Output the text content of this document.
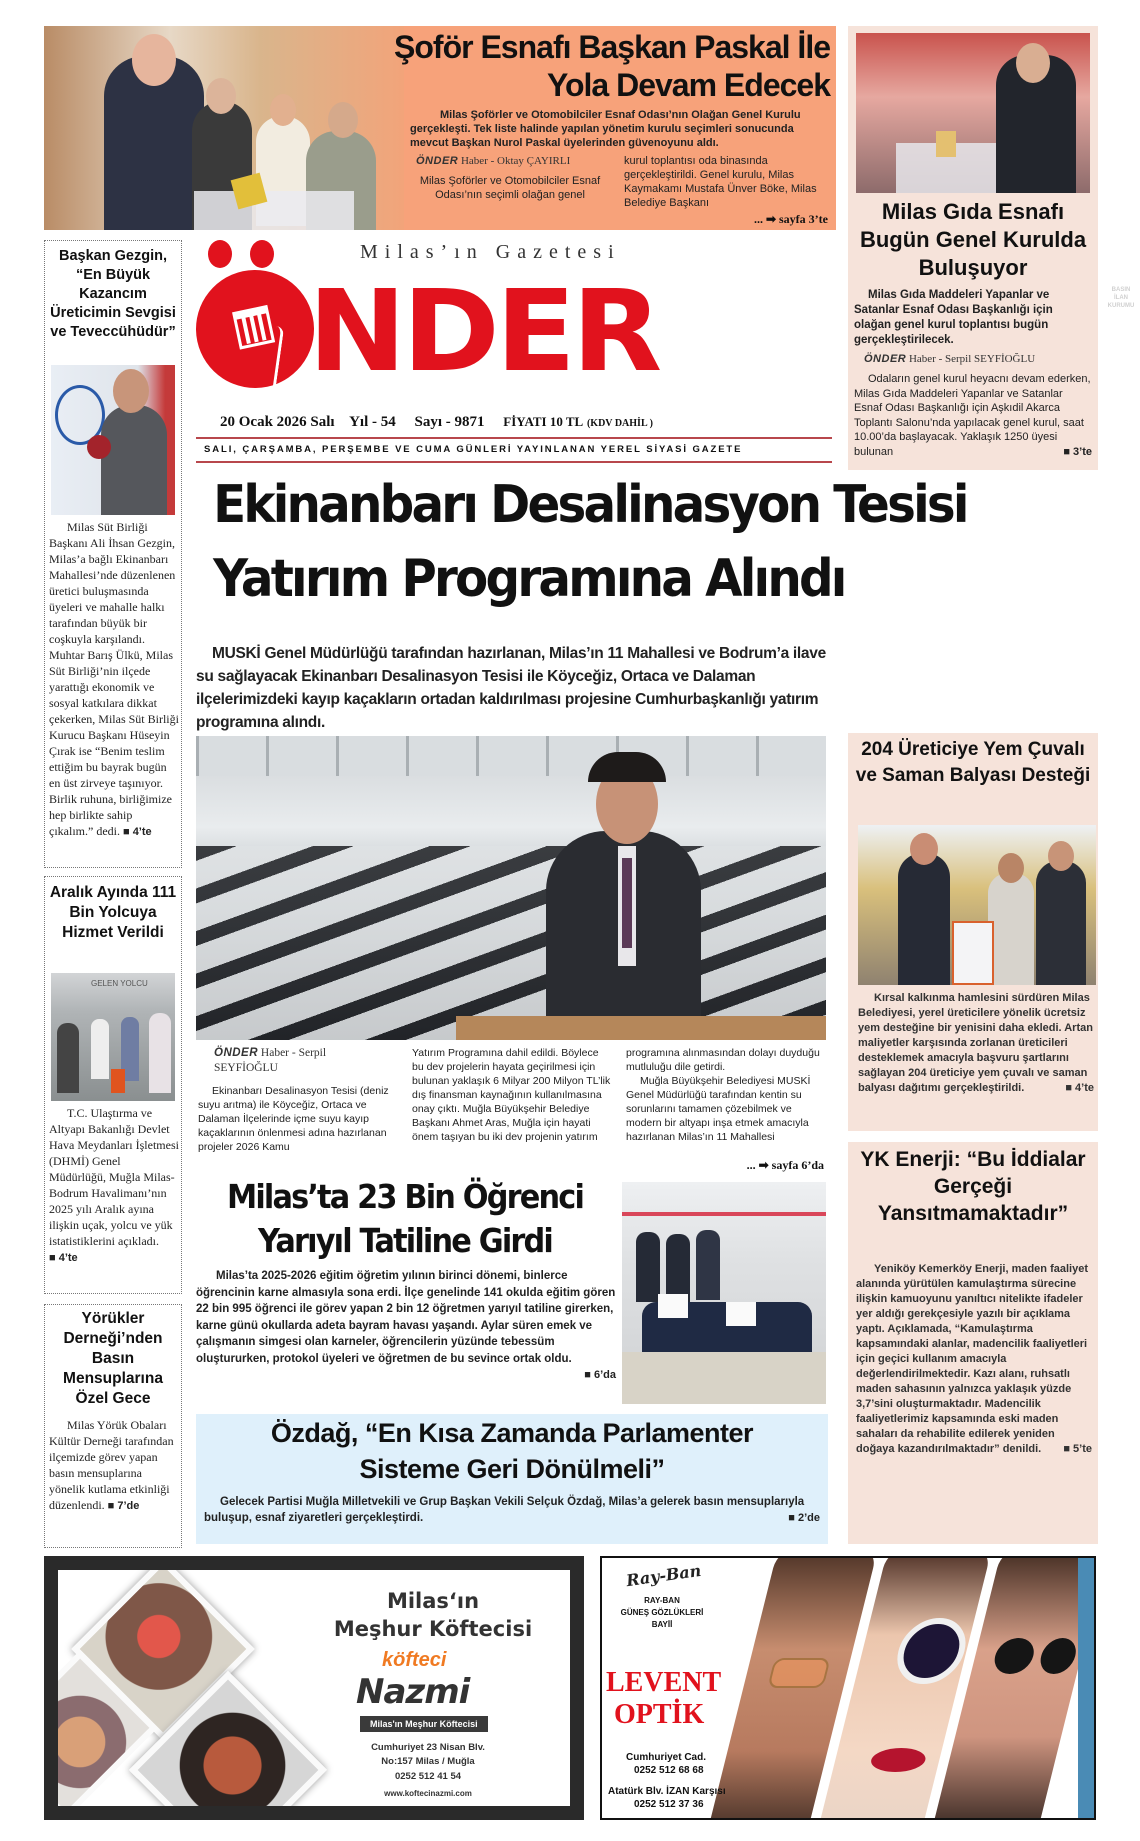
Şoför Esnafı Başkan Paskal İle
Yola Devam Edecek
Milas Şoförler ve Otomobilciler Esnaf Odası’nın Olağan Genel Kurulu gerçekleşti. Tek liste halinde yapılan yönetim kurulu seçimleri sonucunda mevcut Başkan Nurol Paskal üyelerinden güvenoyunu aldı.
ÖNDER Haber - Oktay ÇAYIRLI
Milas Şoförler ve Otomobilciler Esnaf Odası’nın seçimli olağan genel
kurul toplantısı oda binasında gerçekleştirildi. Genel kurulu, Milas Kaymakamı Mustafa Ünver Böke, Milas Belediye Başkanı
... ➡ sayfa 3’te	Milas Gıda Esnafı Bugün Genel Kurulda Buluşuyor
Milas Gıda Maddeleri Yapanlar ve Satanlar Esnaf Odası Başkanlığı için olağan genel kurul toplantısı bugün gerçekleştirilecek.
ÖNDER Haber - Serpil SEYFİOĞLU
Odaların genel kurul heyacnı devam ederken, Milas Gıda Maddeleri Yapanlar ve Satanlar Esnaf Odası Başkanlığı için Aşkıdil Akarca Toplantı Salonu’nda yapılacak genel kurul, saat 10.00’da başlayacak. Yaklaşık 1250 üyesi bulunan	■ 3’te
Milas’ın Gazetesi
NDER
20 Ocak 2026 Salı Yıl - 54 Sayı - 9871 FİYATI 10 TL (KDV DAHİL )
SALI, ÇARŞAMBA, PERŞEMBE VE CUMA GÜNLERİ YAYINLANAN YEREL SİYASİ GAZETE
Başkan Gezgin, “En Büyük Kazancım Üreticimin Sevgisi ve Teveccühüdür”
Milas Süt Birliği Başkanı Ali İhsan Gezgin, Milas’a bağlı Ekinanbarı Mahallesi’nde düzenlenen üretici buluşmasında üyeleri ve mahalle halkı tarafından büyük bir coşkuyla karşılandı. Muhtar Barış Ülkü, Milas Süt Birliği’nin ilçede yarattığı ekonomik ve sosyal katkılara dikkat çekerken, Milas Süt Birliği Kurucu Başkanı Hüseyin Çırak ise “Benim teslim ettiğim bu bayrak bugün en üst zirveye taşınıyor. Birlik ruhuna, birliğimize hep birlikte sahip çıkalım.” dedi. ■ 4’te
Aralık Ayında 111 Bin Yolcuya Hizmet Verildi
GELEN YOLCU
T.C. Ulaştırma ve Altyapı Bakanlığı Devlet Hava Meydanları İşletmesi (DHMİ) Genel Müdürlüğü, Muğla Milas-Bodrum Havalimanı’nın 2025 yılı Aralık ayına ilişkin uçak, yolcu ve yük istatistiklerini açıkladı. ■ 4’te
Yörükler Derneği’nden Basın Mensuplarına Özel Gece
Milas Yörük Obaları Kültür Derneği tarafından ilçemizde görev yapan basın mensuplarına yönelik kutlama etkinliği düzenlendi. ■ 7’de
Ekinanbarı Desalinasyon Tesisi
Yatırım Programına Alındı
MUSKİ Genel Müdürlüğü tarafından hazırlanan, Milas’ın 11 Mahallesi ve Bodrum’a ilave su sağlayacak Ekinanbarı Desalinasyon Tesisi ile Köyceğiz, Ortaca ve Dalaman ilçelerimizdeki kayıp kaçakların ortadan kaldırılması projesine Cumhurbaşkanlığı yatırım programına alındı.
ÖNDER Haber - Serpil SEYFİOĞLU
Ekinanbarı Desalinasyon Tesisi (deniz suyu arıtma) ile Köyceğiz, Ortaca ve Dalaman İlçelerinde içme suyu kayıp kaçaklarının önlenmesi adına hazırlanan projeler 2026 Kamu
Yatırım Programına dahil edildi. Böylece bu dev projelerin hayata geçirilmesi için bulunan yaklaşık 6 Milyar 200 Milyon TL’lik dış finansman kaynağının kullanılmasına onay çıktı. Muğla Büyükşehir Belediye Başkanı Ahmet Aras, Muğla için hayati önem taşıyan bu iki dev projenin yatırım
programına alınmasından dolayı duyduğu mutluluğu dile getirdi.
Muğla Büyükşehir Belediyesi MUSKİ Genel Müdürlüğü tarafından kentin su sorunlarını tamamen çözebilmek ve modern bir altyapı inşa etmek amacıyla hazırlanan Milas’ın 11 Mahallesi
... ➡ sayfa 6’da
204 Üreticiye Yem Çuvalı ve Saman Balyası Desteği
Kırsal kalkınma hamlesini sürdüren Milas Belediyesi, yerel üreticilere yönelik ücretsiz yem desteğine bir yenisini daha ekledi. Artan maliyetler karşısında zorlanan üreticileri desteklemek amacıyla başvuru şartlarını sağlayan 204 üreticiye yem çuvalı ve saman balyası dağıtımı gerçekleştirildi.	■ 4’te
Milas’ta 23 Bin Öğrenci
Yarıyıl Tatiline Girdi
Milas’ta 2025-2026 eğitim öğretim yılının birinci dönemi, binlerce öğrencinin karne almasıyla sona erdi. İlçe genelinde 141 okulda eğitim gören 22 bin 995 öğrenci ile görev yapan 2 bin 12 öğretmen yarıyıl tatiline girerken, karne günü okullarda adeta bayram havası yaşandı. Aylar süren emek ve çalışmanın simgesi olan karneler, öğrencilerin yüzünde tebessüm oluştururken, protokol üyeleri ve öğretmen de bu sevince ortak oldu.
■ 6’da
Özdağ, “En Kısa Zamanda Parlamenter
Sisteme Geri Dönülmeli”
Gelecek Partisi Muğla Milletvekili ve Grup Başkan Vekili Selçuk Özdağ, Milas’a gelerek basın mensuplarıyla buluşup, esnaf ziyaretleri gerçekleştirdi.	■ 2’de
YK Enerji: “Bu İddialar Gerçeği Yansıtmamaktadır”
Yeniköy Kemerköy Enerji, maden faaliyet alanında yürütülen kamulaştırma sürecine ilişkin kamuoyunu yanıltıcı nitelikte ifadeler yer aldığı gerekçesiyle yazılı bir açıklama yaptı. Açıklamada, “Kamulaştırma kapsamındaki alanlar, madencilik faaliyetleri için geçici kullanım amacıyla değerlendirilmektedir. Kazı alanı, ruhsatlı maden sahasının yalnızca yaklaşık yüzde 3,7’sini oluşturmaktadır. Madencilik faaliyetlerimiz kapsamında eski maden sahaları da rehabilite edilerek yeniden doğaya kazandırılmaktadır” denildi.	■ 5’te
Milas‘ın
Meşhur Köftecisi
köfteci
Nazmi
Milas'ın Meşhur Köftecisi
Cumhuriyet 23 Nisan Blv.
No:157 Milas / Muğla
0252 512 41 54
www.koftecinazmi.com
Ray-Ban
RAY-BAN
GÜNEŞ GÖZLÜKLERİ
BAYİİ
LEVENT
OPTİK
Cumhuriyet Cad.
0252 512 68 68
Atatürk Blv. İZAN Karşısı
0252 512 37 36
BASIN İLAN
KURUMU
